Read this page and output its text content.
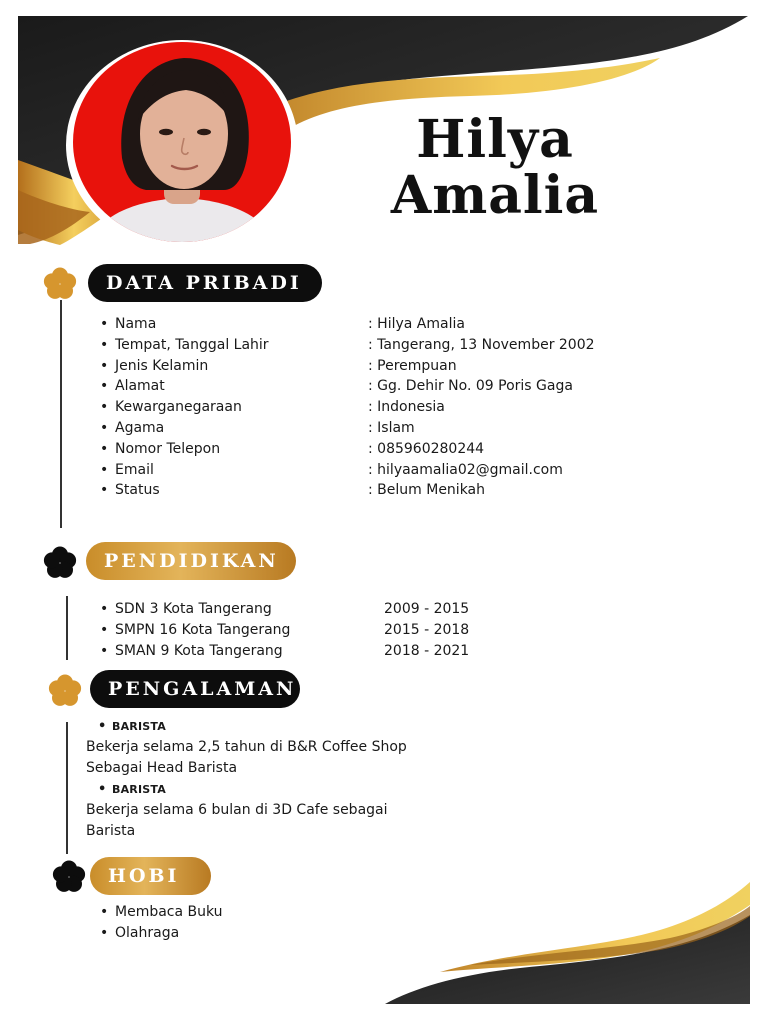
Hilya
Amalia
DATA PRIBADI
PENDIDIKAN
PENGALAMAN
HOBI
• Nama	: Hilya Amalia
• Tempat, Tanggal Lahir	: Tangerang, 13 November 2002
• Jenis Kelamin	: Perempuan
• Alamat	: Gg. Dehir No. 09 Poris Gaga
• Kewarganegaraan	: Indonesia
• Agama	: Islam
• Nomor Telepon	: 085960280244
• Email	: hilyaamalia02@gmail.com
• Status	: Belum Menikah
• SDN 3 Kota Tangerang	2009 - 2015
• SMPN 16 Kota Tangerang	2015 - 2018
• SMAN 9 Kota Tangerang	2018 - 2021
• BARISTA
Bekerja selama 2,5 tahun di B&R Coffee Shop
Sebagai Head Barista
• BARISTA
Bekerja selama 6 bulan di 3D Cafe sebagai
Barista
• Membaca Buku
• Olahraga
